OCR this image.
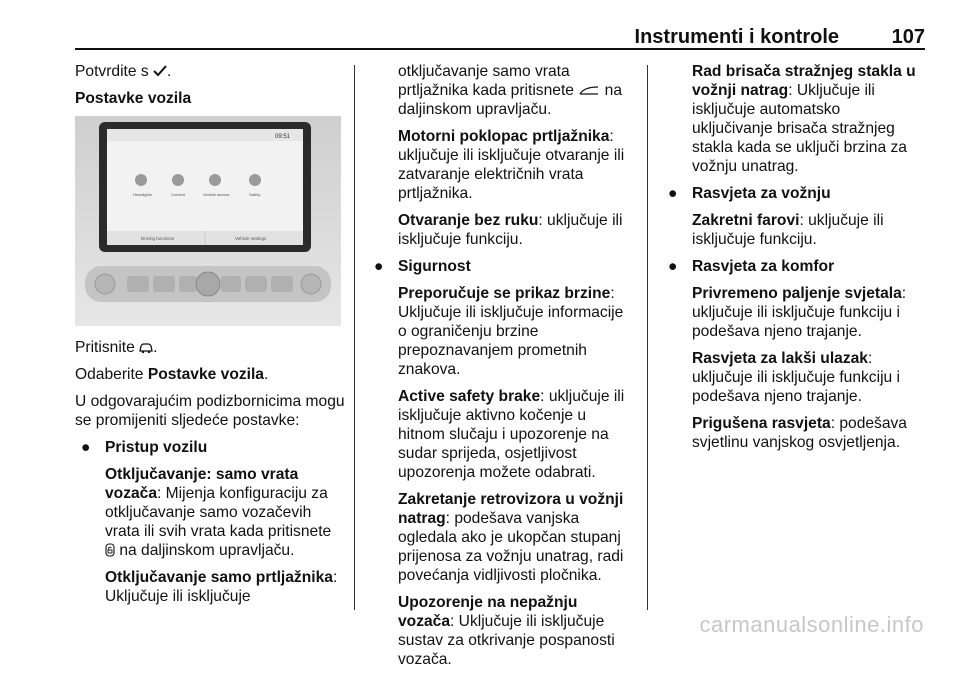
Instrumenti i kontrole	107

Potvrdite s .

Postavke vozila

09:51
Headlights	Comfort	Vehicle access	Safety
Driving functions	Vehicle settings

Pritisnite .

Odaberite Postavke vozila.

U odgovarajućim podizbornicima mogu se promijeniti sljedeće postavke:

● Pristup vozilu

Otključavanje: samo vrata vozača: Mijenja konfiguraciju za otključavanje samo vozačevih vrata ili svih vrata kada pritisnete  na daljinskom upravljaču.

Otključavanje samo prtljažnika: Uključuje ili isključuje

otključavanje samo vrata prtljažnika kada pritisnete na daljinskom upravljaču.

Motorni poklopac prtljažnika: uključuje ili isključuje otvaranje ili zatvaranje električnih vrata prtljažnika.

Otvaranje bez ruku: uključuje ili isključuje funkciju.

● Sigurnost

Preporučuje se prikaz brzine: Uključuje ili isključuje informacije o ograničenju brzine prepoznavanjem prometnih znakova.

Active safety brake: uključuje ili isključuje aktivno kočenje u hitnom slučaju i upozorenje na sudar sprijeda, osjetljivost upozorenja možete odabrati.

Zakretanje retrovizora u vožnji natrag: podešava vanjska ogledala ako je ukopčan stupanj prijenosa za vožnju unatrag, radi povećanja vidljivosti pločnika.

Upozorenje na nepažnju vozača: Uključuje ili isključuje sustav za otkrivanje pospanosti vozača.

Rad brisača stražnjeg stakla u vožnji natrag: Uključuje ili isključuje automatsko uključivanje brisača stražnjeg stakla kada se uključi brzina za vožnju unatrag.

● Rasvjeta za vožnju

Zakretni farovi: uključuje ili isključuje funkciju.

● Rasvjeta za komfor

Privremeno paljenje svjetala: uključuje ili isključuje funkciju i podešava njeno trajanje.

Rasvjeta za lakši ulazak: uključuje ili isključuje funkciju i podešava njeno trajanje.

Prigušena rasvjeta: podešava svjetlinu vanjskog osvjetljenja.

carmanualsonline.info
